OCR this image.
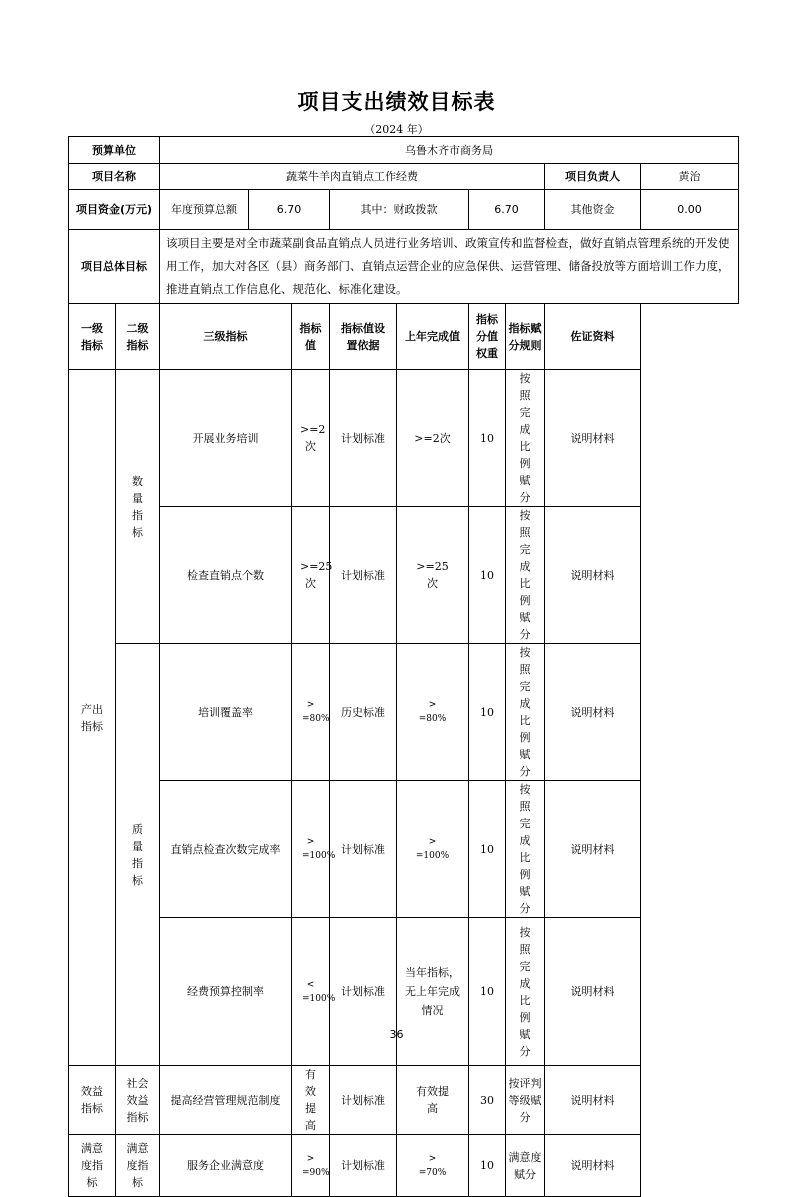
项目支出绩效目标表
（2024 年）
预算单位		乌鲁木齐市商务局								
项目名称		蔬菜牛羊肉直销点工作经费							项目负责人	黄治
项目资金(万元)		年度预算总额	6.70		其中：财政拨款		6.70		其他资金	0.00
项目总体目标		该项目主要是对全市蔬菜副食品直销点人员进行业务培训、政策宣传和监督检查，做好直销点管理系统的开发使用工作，加大对各区（县）商务部门、直销点运营企业的应急保供、运营管理、储备投放等方面培训工作力度，推进直销点工作信息化、规范化、标准化建设。								
一级指标	二级指标	三级指标		指标值	指标值设置依据	上年完成值	指标分值权重	指标赋分规则	佐证资料	
产出指标	数量指标	开展业务培训		>=2次	计划标准	>=2次	10	按照完成比例赋分	说明材料	
		检查直销点个数		>=25次	计划标准	>=25次	10	按照完成比例赋分	说明材料	
	质量指标	培训覆盖率		> =80%	历史标准	> =80%	10	按照完成比例赋分	说明材料	
		直销点检查次数完成率		> =100%	计划标准	> =100%	10	按照完成比例赋分	说明材料	
		经费预算控制率		< =100%	计划标准	当年指标，无上年完成情况	10	按照完成比例赋分	说明材料	
效益指标	社会效益指标	提高经营管理规范制度		有效提高	计划标准	有效提高	30	按评判等级赋分	说明材料	
满意度指标	满意度指标	服务企业满意度		> =90%	计划标准	> =70%	10	满意度赋分	说明材料	
36
